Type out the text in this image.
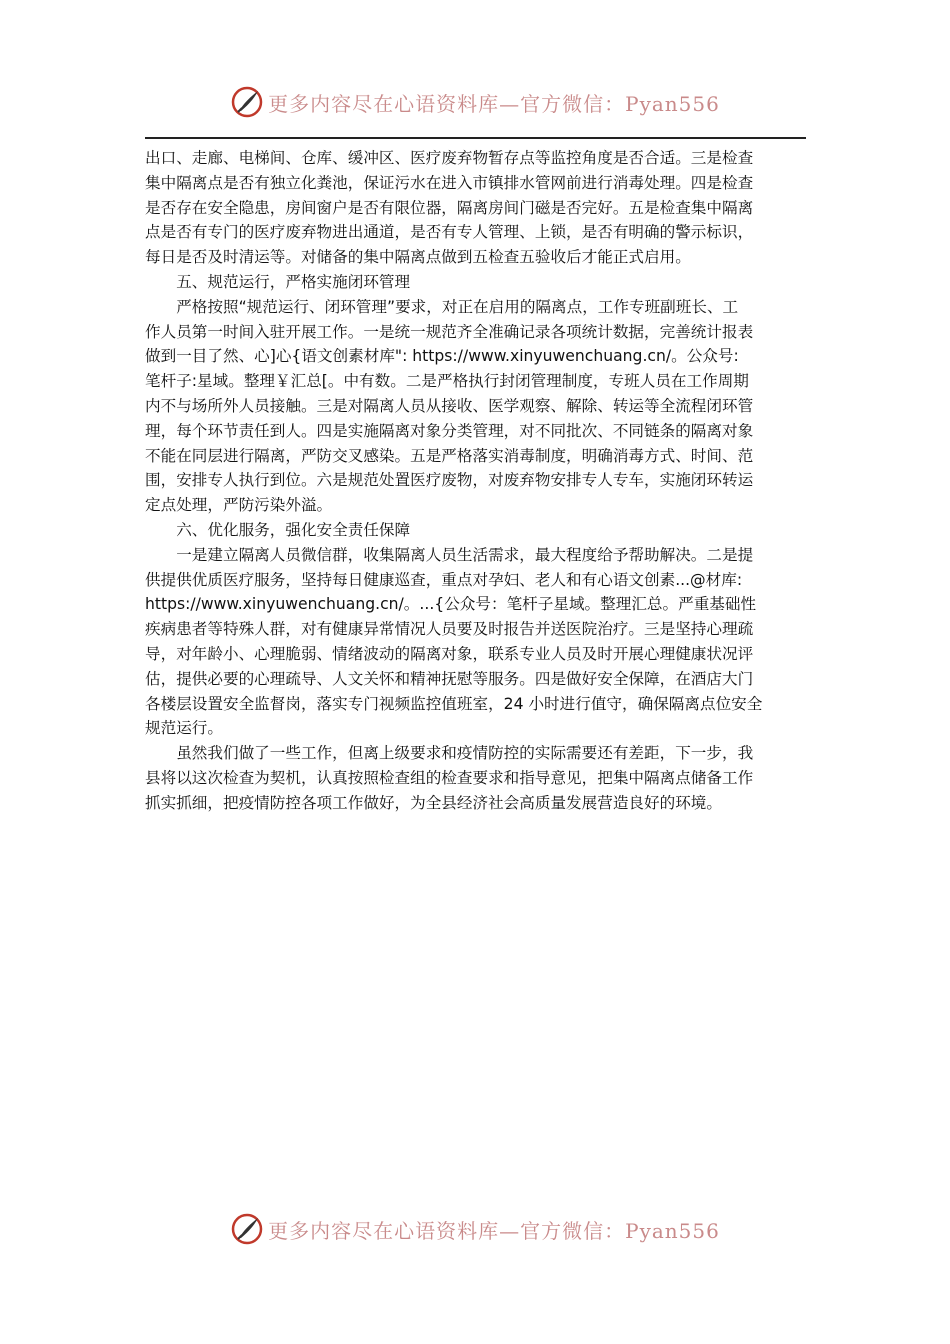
更多内容尽在心语资料库—官方微信：Pyan556

出口、走廊、电梯间、仓库、缓冲区、医疗废弃物暂存点等监控角度是否合适。三是检查

集中隔离点是否有独立化粪池，保证污水在进入市镇排水管网前进行消毒处理。四是检查

是否存在安全隐患，房间窗户是否有限位器，隔离房间门磁是否完好。五是检查集中隔离

点是否有专门的医疗废弃物进出通道，是否有专人管理、上锁，是否有明确的警示标识，

每日是否及时清运等。对储备的集中隔离点做到五检查五验收后才能正式启用。

五、规范运行，严格实施闭环管理

严格按照“规范运行、闭环管理”要求，对正在启用的隔离点，工作专班副班长、工

作人员第一时间入驻开展工作。一是统一规范齐全准确记录各项统计数据，完善统计报表

做到一目了然、心]心{语文创素材库": https://www.xinyuwenchuang.cn/。公众号:

笔杆子:星域。整理￥汇总[。中有数。二是严格执行封闭管理制度，专班人员在工作周期

内不与场所外人员接触。三是对隔离人员从接收、医学观察、解除、转运等全流程闭环管

理，每个环节责任到人。四是实施隔离对象分类管理，对不同批次、不同链条的隔离对象

不能在同层进行隔离，严防交叉感染。五是严格落实消毒制度，明确消毒方式、时间、范

围，安排专人执行到位。六是规范处置医疗废物，对废弃物安排专人专车，实施闭环转运

定点处理，严防污染外溢。

六、优化服务，强化安全责任保障

一是建立隔离人员微信群，收集隔离人员生活需求，最大程度给予帮助解决。二是提

供提供优质医疗服务，坚持每日健康巡查，重点对孕妇、老人和有心语文创素...@材库:

https://www.xinyuwenchuang.cn/。...{公众号：笔杆子星域。整理汇总。严重基础性

疾病患者等特殊人群，对有健康异常情况人员要及时报告并送医院治疗。三是坚持心理疏

导，对年龄小、心理脆弱、情绪波动的隔离对象，联系专业人员及时开展心理健康状况评

估，提供必要的心理疏导、人文关怀和精神抚慰等服务。四是做好安全保障，在酒店大门

各楼层设置安全监督岗，落实专门视频监控值班室，24 小时进行值守，确保隔离点位安全

规范运行。

虽然我们做了一些工作，但离上级要求和疫情防控的实际需要还有差距，下一步，我

县将以这次检查为契机，认真按照检查组的检查要求和指导意见，把集中隔离点储备工作

抓实抓细，把疫情防控各项工作做好，为全县经济社会高质量发展营造良好的环境。

更多内容尽在心语资料库—官方微信：Pyan556
